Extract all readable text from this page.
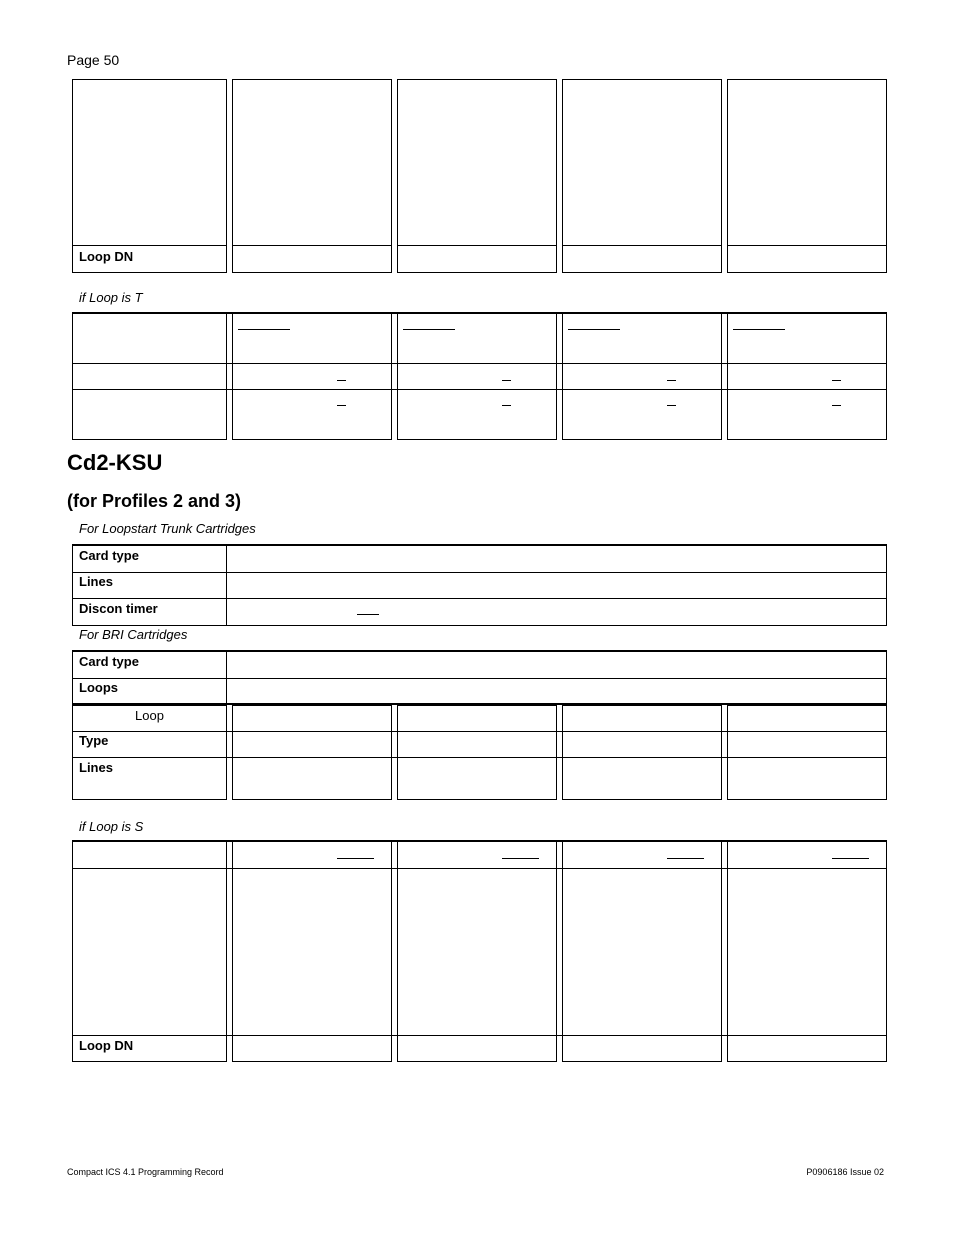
Page 50
Loop DN
if Loop is T
Cd2-KSU
(for Profiles 2 and 3)
For Loopstart Trunk Cartridges
Card type
Lines
Discon timer
For BRI Cartridges
Card type
Loops
Loop
Type
Lines
if Loop is S
Loop DN
Compact ICS 4.1 Programming Record	P0906186 Issue 02
